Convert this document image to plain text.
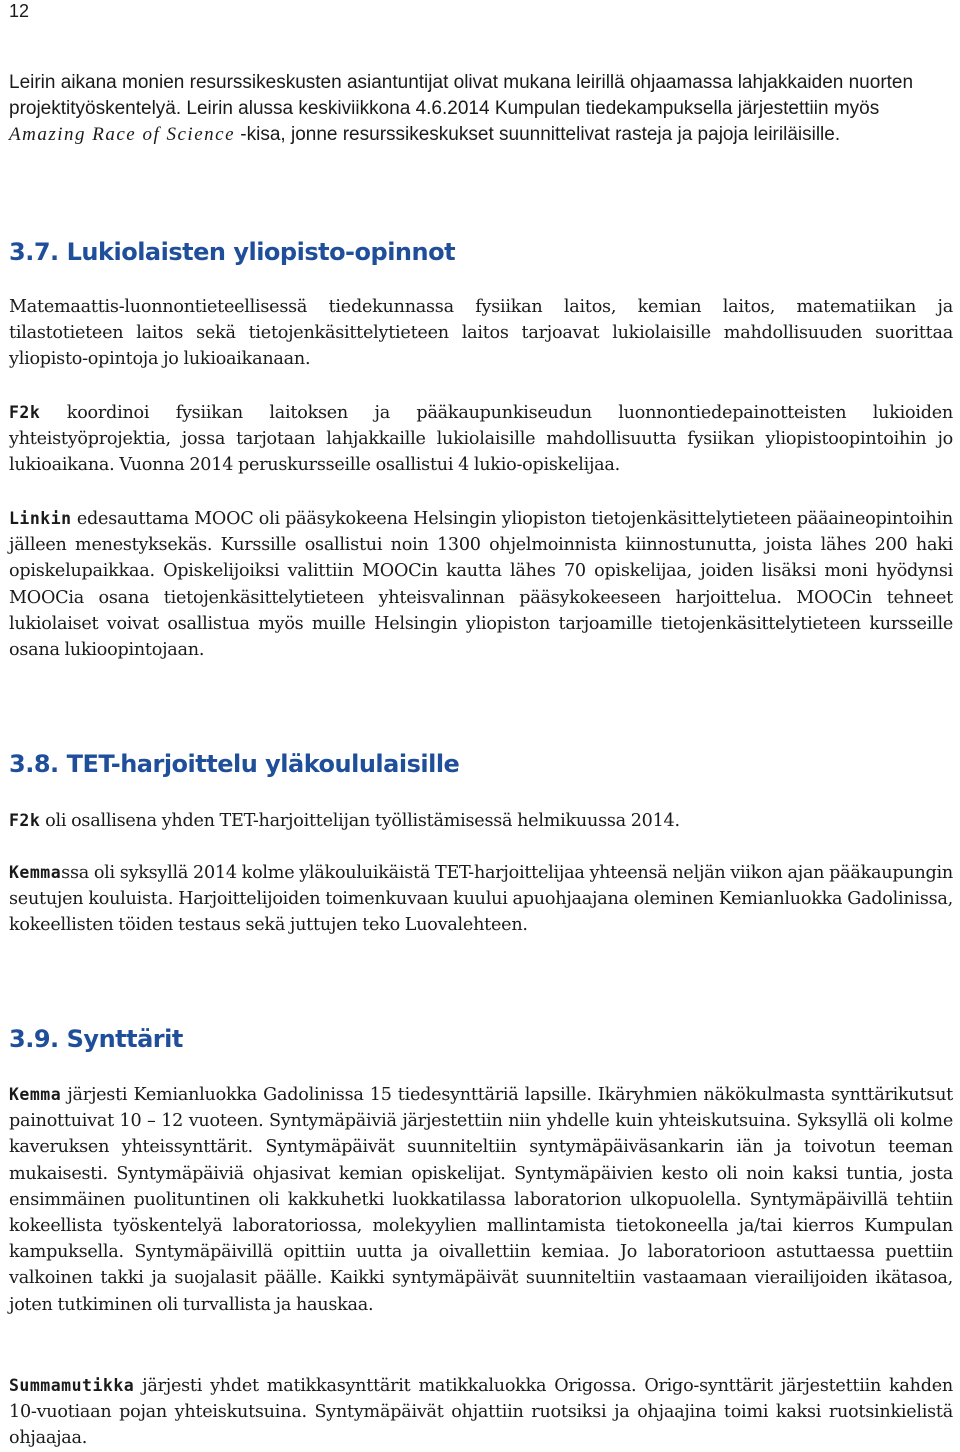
12

Leirin aikana monien resurssikeskusten asiantuntijat olivat mukana leirillä ohjaamassa lahjakkaiden nuorten projektityöskentelyä. Leirin alussa keskiviikkona 4.6.2014 Kumpulan tiedekampuksella järjestettiin myös Amazing Race of Science -kisa, jonne resurssikeskukset suunnittelivat rasteja ja pajoja leiriläisille.

3.7. Lukiolaisten yliopisto-opinnot

Matemaattis-luonnontieteellisessä tiedekunnassa fysiikan laitos, kemian laitos, matematiikan ja tilastotieteen laitos sekä tietojenkäsittelytieteen laitos tarjoavat lukiolaisille mahdollisuuden suorittaa yliopisto-opintoja jo lukioaikanaan.

F2k koordinoi fysiikan laitoksen ja pääkaupunkiseudun luonnontiedepainotteisten lukioiden yhteistyöprojektia, jossa tarjotaan lahjakkaille lukiolaisille mahdollisuutta fysiikan yliopistoopintoihin jo lukioaikana. Vuonna 2014 peruskursseille osallistui 4 lukio-opiskelijaa.

Linkin edesauttama MOOC oli pääsykokeena Helsingin yliopiston tietojenkäsittelytieteen pääaineopintoihin jälleen menestyksekäs. Kurssille osallistui noin 1300 ohjelmoinnista kiinnostunutta, joista lähes 200 haki opiskelupaikkaa. Opiskelijoiksi valittiin MOOCin kautta lähes 70 opiskelijaa, joiden lisäksi moni hyödynsi MOOCia osana tietojenkäsittelytieteen yhteisvalinnan pääsykokeeseen harjoittelua. MOOCin tehneet lukiolaiset voivat osallistua myös muille Helsingin yliopiston tarjoamille tietojenkäsittelytieteen kursseille osana lukioopintojaan.

3.8. TET-harjoittelu yläkoululaisille

F2k oli osallisena yhden TET-harjoittelijan työllistämisessä helmikuussa 2014.

Kemmassa oli syksyllä 2014 kolme yläkouluikäistä TET-harjoittelijaa yhteensä neljän viikon ajan pääkaupungin seutujen kouluista. Harjoittelijoiden toimenkuvaan kuului apuohjaajana oleminen Kemianluokka Gadolinissa, kokeellisten töiden testaus sekä juttujen teko Luovalehteen.

3.9. Synttärit

Kemma järjesti Kemianluokka Gadolinissa 15 tiedesynttäriä lapsille. Ikäryhmien näkökulmasta synttärikutsut painottuivat 10 – 12 vuoteen. Syntymäpäiviä järjestettiin niin yhdelle kuin yhteiskutsuina. Syksyllä oli kolme kaveruksen yhteissynttärit. Syntymäpäivät suunniteltiin syntymäpäiväsankarin iän ja toivotun teeman mukaisesti. Syntymäpäiviä ohjasivat kemian opiskelijat. Syntymäpäivien kesto oli noin kaksi tuntia, josta ensimmäinen puolituntinen oli kakkuhetki luokkatilassa laboratorion ulkopuolella. Syntymäpäivillä tehtiin kokeellista työskentelyä laboratoriossa, molekyylien mallintamista tietokoneella ja/tai kierros Kumpulan kampuksella. Syntymäpäivillä opittiin uutta ja oivallettiin kemiaa. Jo laboratorioon astuttaessa puettiin valkoinen takki ja suojalasit päälle. Kaikki syntymäpäivät suunniteltiin vastaamaan vierailijoiden ikätasoa, joten tutkiminen oli turvallista ja hauskaa.

Summamutikka järjesti yhdet matikkasynttärit matikkaluokka Origossa. Origo-synttärit järjestettiin kahden 10-vuotiaan pojan yhteiskutsuina. Syntymäpäivät ohjattiin ruotsiksi ja ohjaajina toimi kaksi ruotsinkielistä ohjaajaa.
